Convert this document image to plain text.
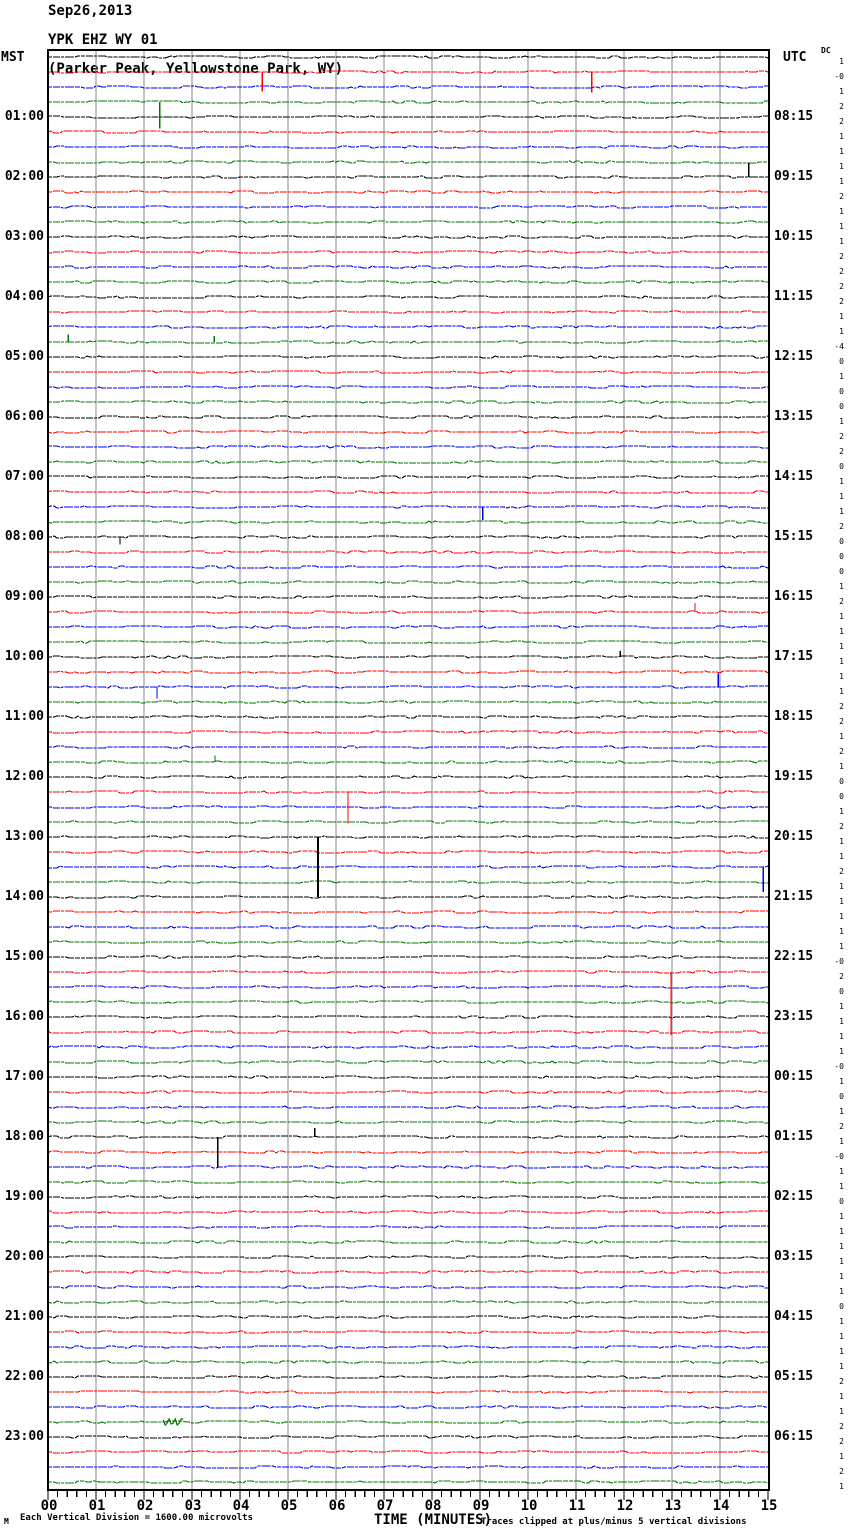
Sep26,2013

YPK EHZ WY 01

(Parker Peak, Yellowstone Park, WY)
MST	UTC DC
01:00
02:00
03:00
04:00
05:00
06:00
07:00
08:00
09:00
10:00
11:00
12:00
13:00
14:00
15:00
16:00
17:00
18:00
19:00
20:00
21:00
22:00
23:00
08:15
09:15
10:15
11:15
12:15
13:15
14:15
15:15
16:15
17:15
18:15
19:15
20:15
21:15
22:15
23:15
00:15
01:15
02:15
03:15
04:15
05:15
06:15
1
-0
1
2
2
1
1
1
1
2
1
1
1
2
2
2
2
1
1
-4
0
1
0
0
1
2
2
0
1
1
1
2
0
0
0
1
2
1
1
1
1
1
1
2
2
1
2
1
0
0
1
2
1
1
2
1
1
1
1
1
-0
2
0
1
1
1
1
-0
1
0
1
2
1
-0
1
1
0
1
1
1
1
1
1
0
1
1
1
1
2
1
1
2
2
1
2
1
00	01	02	03	04	05	06	07	08	09	10	11	12	13	14	15
TIME (MINUTES)
M Each Vertical Division = 1600.00 microvolts	Traces clipped at plus/minus 5 vertical divisions
